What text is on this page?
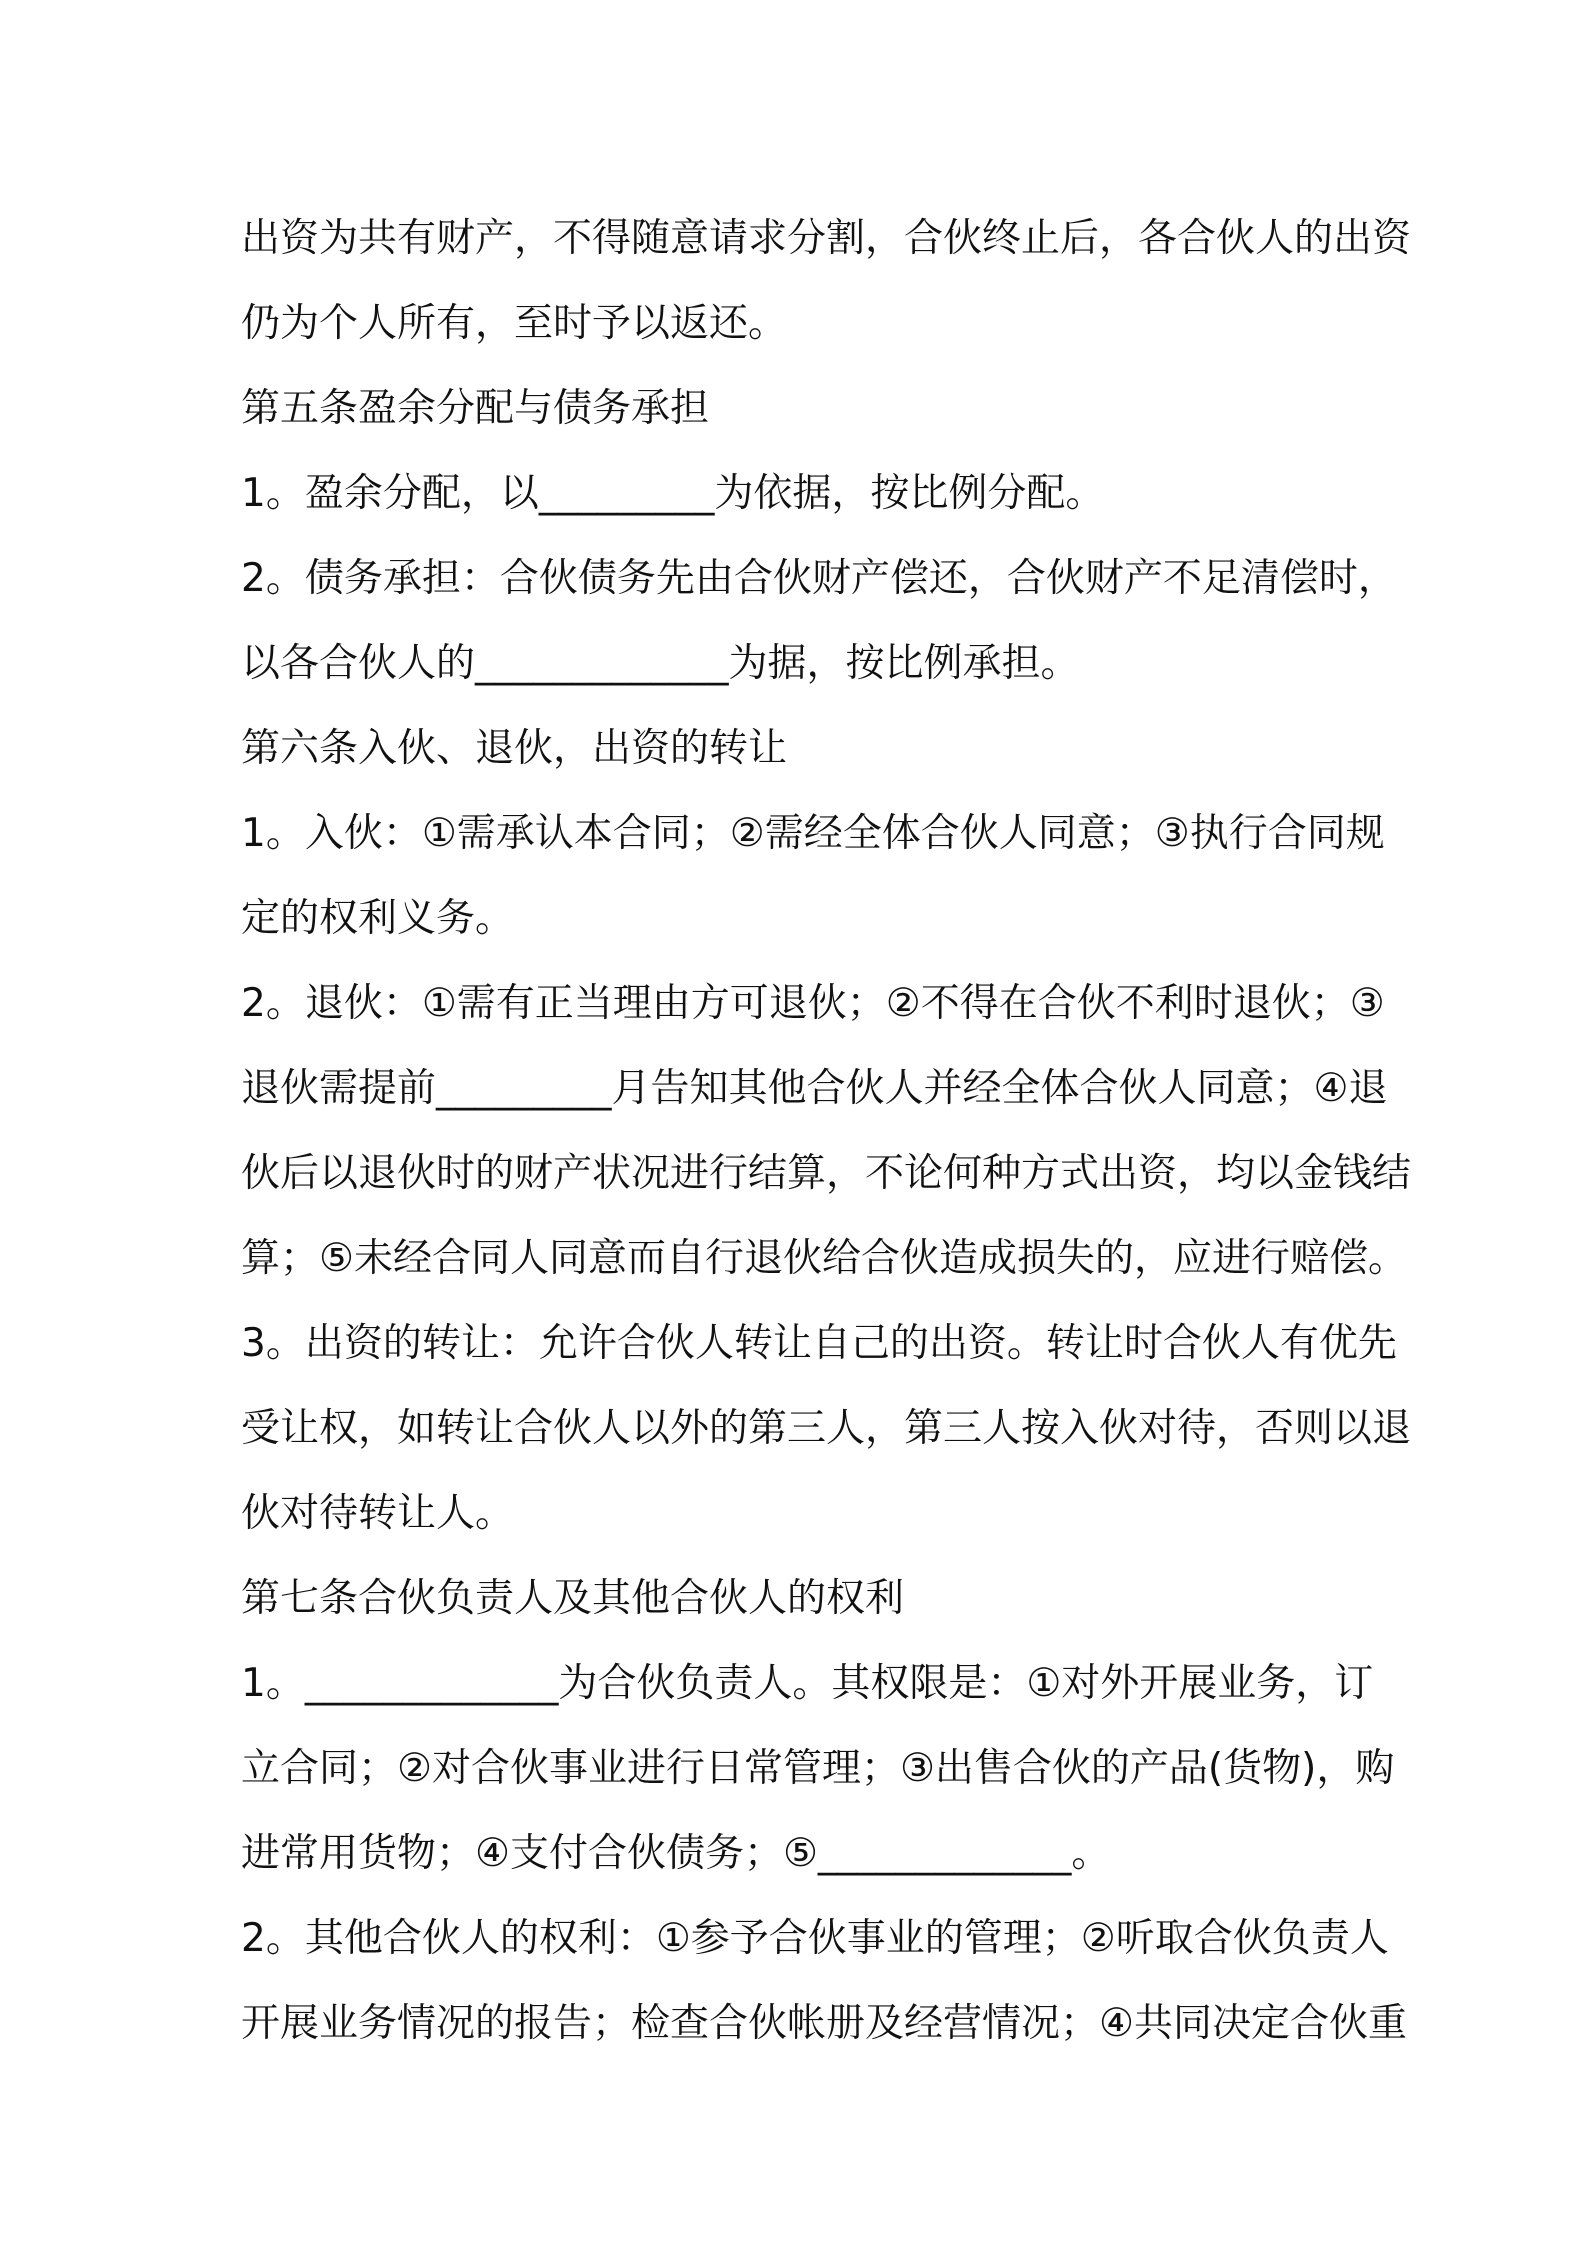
出资为共有财产，不得随意请求分割，合伙终止后，各合伙人的出资
仍为个人所有，至时予以返还。
第五条盈余分配与债务承担
1。盈余分配，以_________为依据，按比例分配。
2。债务承担：合伙债务先由合伙财产偿还，合伙财产不足清偿时，
以各合伙人的_____________为据，按比例承担。
第六条入伙、退伙，出资的转让
1。入伙：①需承认本合同；②需经全体合伙人同意；③执行合同规
定的权利义务。
2。退伙：①需有正当理由方可退伙；②不得在合伙不利时退伙；③
退伙需提前_________月告知其他合伙人并经全体合伙人同意；④退
伙后以退伙时的财产状况进行结算，不论何种方式出资，均以金钱结
算；⑤未经合同人同意而自行退伙给合伙造成损失的，应进行赔偿。
3。出资的转让：允许合伙人转让自己的出资。转让时合伙人有优先
受让权，如转让合伙人以外的第三人，第三人按入伙对待，否则以退
伙对待转让人。
第七条合伙负责人及其他合伙人的权利
1。_____________为合伙负责人。其权限是：①对外开展业务，订
立合同；②对合伙事业进行日常管理；③出售合伙的产品(货物)，购
进常用货物；④支付合伙债务；⑤_____________。
2。其他合伙人的权利：①参予合伙事业的管理；②听取合伙负责人
开展业务情况的报告；检查合伙帐册及经营情况；④共同决定合伙重
